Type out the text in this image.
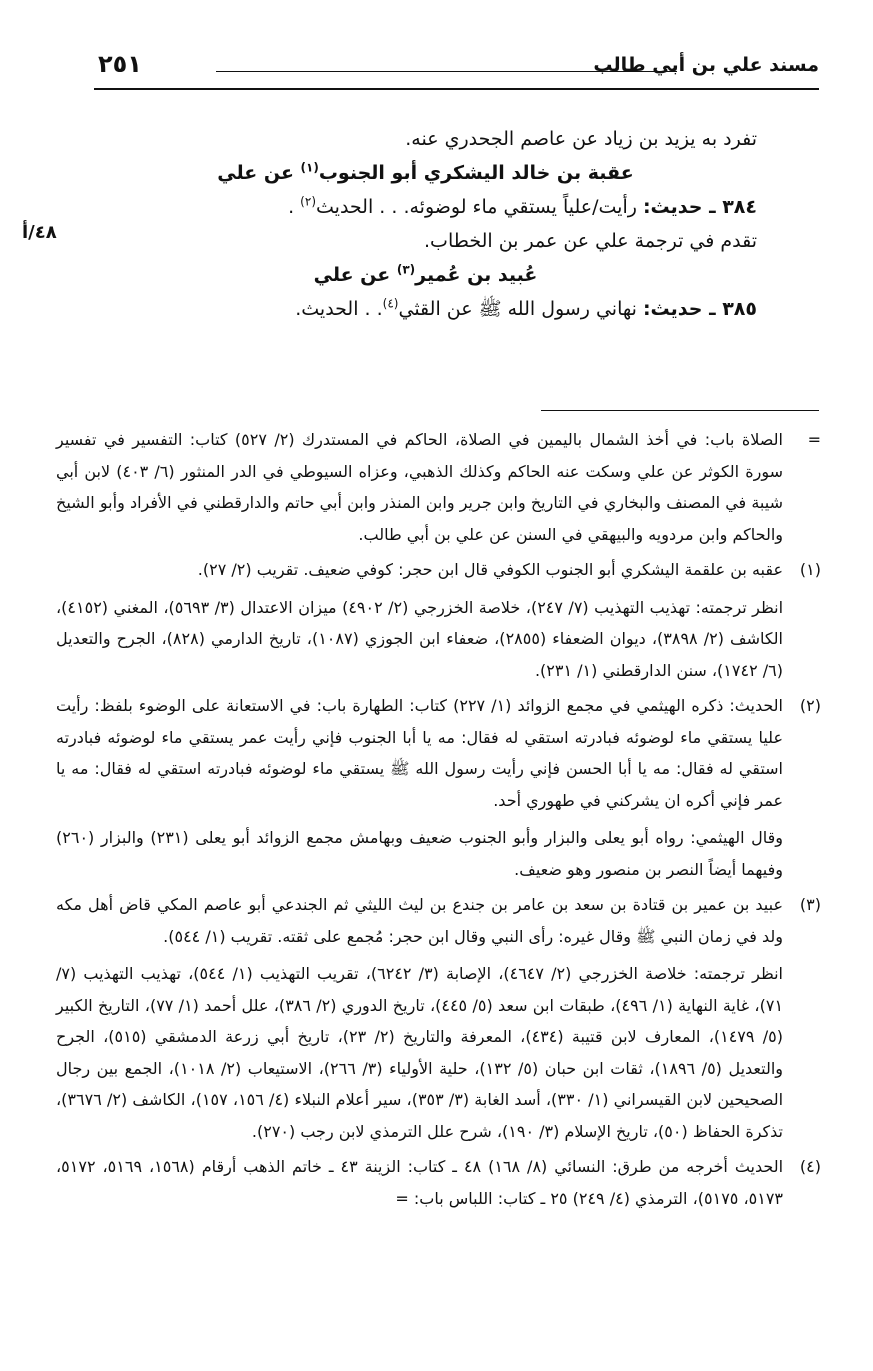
مسند علي بن أبي طالب
٢٥١
٤٨/أ

تفرد به يزيد بن زياد عن عاصم الجحدري عنه.

عقبة بن خالد اليشكري أبو الجنوب$^{(١)}$ عن علي

٣٨٤ ـ حديث: رأيت/علياً يستقي ماء لوضوئه. . . الحديث$^{(٢)}$ .

تقدم في ترجمة علي عن عمر بن الخطاب.

عُبيد بن عُمير$^{(٣)}$ عن علي

٣٨٥ ـ حديث: نهاني رسول الله ﷺ عن القثي$^{(٤)}$. . الحديث.

=

الصلاة باب: في أخذ الشمال باليمين في الصلاة، الحاكم في المستدرك (٢/ ٥٢٧) كتاب: التفسير في تفسير سورة الكوثر عن علي وسكت عنه الحاكم وكذلك الذهبي، وعزاه السيوطي في الدر المنثور (٦/ ٤٠٣) لابن أبي شيبة في المصنف والبخاري في التاريخ وابن جرير وابن المنذر وابن أبي حاتم والدارقطني في الأفراد وأبو الشيخ والحاكم وابن مردويه والبيهقي في السنن عن علي بن أبي طالب.

(١)

عقبه بن علقمة اليشكري أبو الجنوب الكوفي قال ابن حجر: كوفي ضعيف. تقريب (٢/ ٢٧).

انظر ترجمته: تهذيب التهذيب (٧/ ٢٤٧)، خلاصة الخزرجي (٢/ ٤٩٠٢) ميزان الاعتدال (٣/ ٥٦٩٣)، المغني (٤١٥٢)، الكاشف (٢/ ٣٨٩٨)، ديوان الضعفاء (٢٨٥٥)، ضعفاء ابن الجوزي (١٠٨٧)، تاريخ الدارمي (٨٢٨)، الجرح والتعديل (٦/ ١٧٤٢)، سنن الدارقطني (١/ ٢٣١).

(٢)

الحديث: ذكره الهيثمي في مجمع الزوائد (١/ ٢٢٧) كتاب: الطهارة باب: في الاستعانة على الوضوء بلفظ: رأيت عليا يستقي ماء لوضوئه فبادرته استقي له فقال: مه يا أبا الجنوب فإني رأيت عمر يستقي ماء لوضوئه فبادرته استقي له فقال: مه يا أبا الحسن فإني رأيت رسول الله ﷺ يستقي ماء لوضوئه فبادرته استقي له فقال: مه يا عمر فإني أكره ان يشركني في طهوري أحد.

وقال الهيثمي: رواه أبو يعلى والبزار وأبو الجنوب ضعيف وبهامش مجمع الزوائد أبو يعلى (٢٣١) والبزار (٢٦٠) وفيهما أيضاً النصر بن منصور وهو ضعيف.

(٣)

عبيد بن عمير بن قتادة بن سعد بن عامر بن جندع بن ليث الليثي ثم الجندعي أبو عاصم المكي قاض أهل مكه ولد في زمان النبي ﷺ وقال غيره: رأى النبي وقال ابن حجر: مُجمع على ثقته. تقريب (١/ ٥٤٤).

انظر ترجمته: خلاصة الخزرجي (٢/ ٤٦٤٧)، الإصابة (٣/ ٦٢٤٢)، تقريب التهذيب (١/ ٥٤٤)، تهذيب التهذيب (٧/ ٧١)، غاية النهاية (١/ ٤٩٦)، طبقات ابن سعد (٥/ ٤٤٥)، تاريخ الدوري (٢/ ٣٨٦)، علل أحمد (١/ ٧٧)، التاريخ الكبير (٥/ ١٤٧٩)، المعارف لابن قتيبة (٤٣٤)، المعرفة والتاريخ (٢/ ٢٣)، تاريخ أبي زرعة الدمشقي (٥١٥)، الجرح والتعديل (٥/ ١٨٩٦)، ثقات ابن حبان (٥/ ١٣٢)، حلية الأولياء (٣/ ٢٦٦)، الاستيعاب (٢/ ١٠١٨)، الجمع بين رجال الصحيحين لابن القيسراني (١/ ٣٣٠)، أسد الغابة (٣/ ٣٥٣)، سير أعلام النبلاء (٤/ ١٥٦، ١٥٧)، الكاشف (٢/ ٣٦٧٦)، تذكرة الحفاظ (٥٠)، تاريخ الإسلام (٣/ ١٩٠)، شرح علل الترمذي لابن رجب (٢٧٠).

(٤)

الحديث أخرجه من طرق: النسائي (٨/ ١٦٨) ٤٨ ـ كتاب: الزينة ٤٣ ـ خاتم الذهب أرقام (١٥٦٨، ٥١٦٩، ٥١٧٢، ٥١٧٣، ٥١٧٥)، الترمذي (٤/ ٢٤٩) ٢٥ ـ كتاب: اللباس باب: =
